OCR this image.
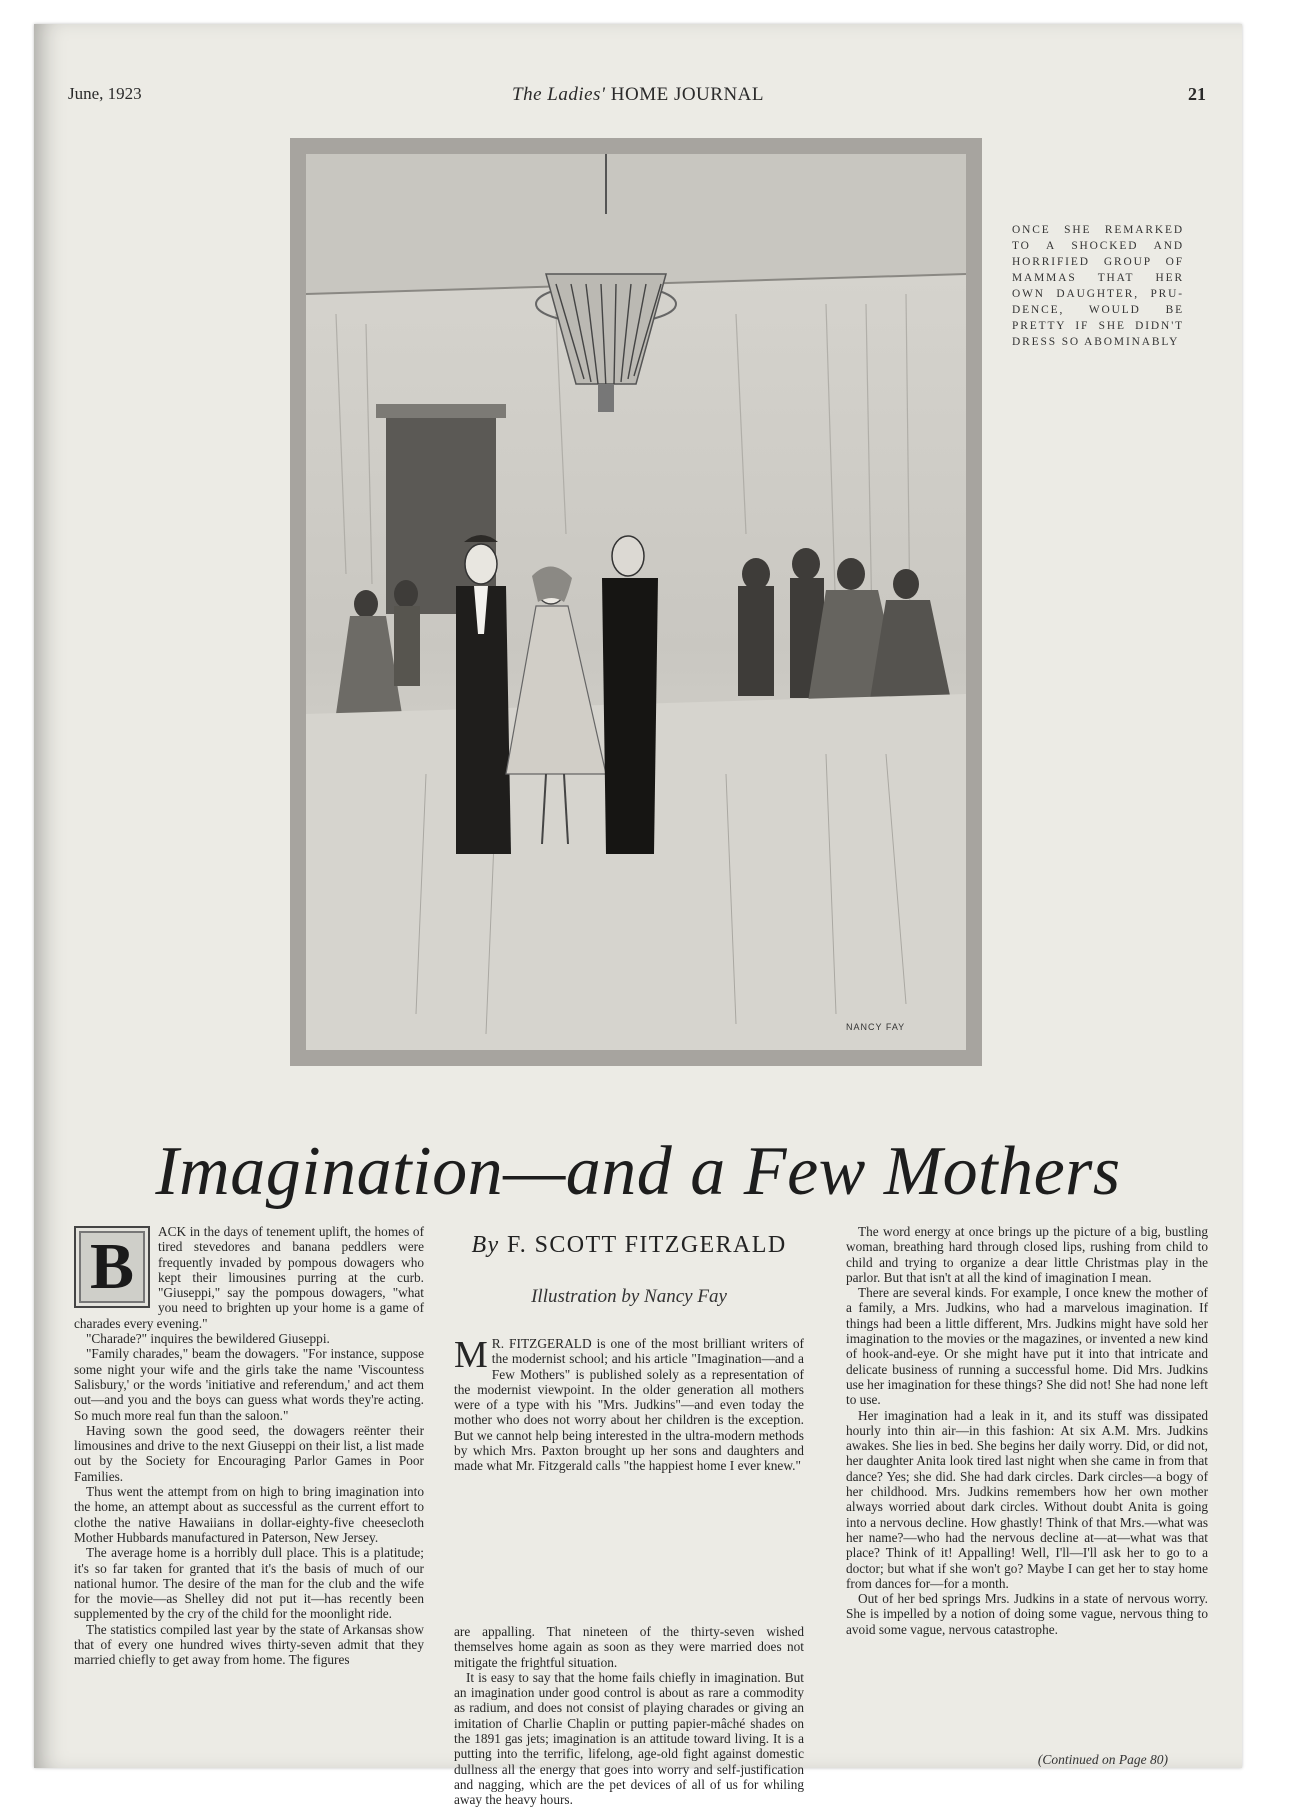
June, 1923	The Ladies' HOME JOURNAL	21
NANCY FAY
ONCE SHE REMARKED TO A SHOCKED AND HORRIFIED GROUP OF MAMMAS THAT HER OWN DAUGHTER, PRU-DENCE, WOULD BE PRETTY IF SHE DIDN'T DRESS SO ABOMINABLY
Imagination—and a Few Mothers
B	ACK in the days of tenement uplift, the homes of tired stevedores and banana peddlers were frequently invaded by pompous dowagers who kept their limousines purring at the curb. "Giuseppi," say the pompous dowagers, "what you need to brighten up your home is a game of charades every evening."

"Charade?" inquires the bewildered Giuseppi.

"Family charades," beam the dowagers. "For instance, suppose some night your wife and the girls take the name 'Viscountess Salisbury,' or the words 'initiative and referendum,' and act them out—and you and the boys can guess what words they're acting. So much more real fun than the saloon."

Having sown the good seed, the dowagers reënter their limousines and drive to the next Giuseppi on their list, a list made out by the Society for Encouraging Parlor Games in Poor Families.

Thus went the attempt from on high to bring imagination into the home, an attempt about as successful as the current effort to clothe the native Hawaiians in dollar-eighty-five cheesecloth Mother Hubbards manufactured in Paterson, New Jersey.

The average home is a horribly dull place. This is a platitude; it's so far taken for granted that it's the basis of much of our national humor. The desire of the man for the club and the wife for the movie—as Shelley did not put it—has recently been supplemented by the cry of the child for the moonlight ride.

The statistics compiled last year by the state of Arkansas show that of every one hundred wives thirty-seven admit that they married chiefly to get away from home. The figures

By F. SCOTT FITZGERALD
Illustration by Nancy Fay
M R. FITZGERALD is one of the most brilliant writers of the modernist school; and his article "Imagination—and a Few Mothers" is published solely as a representation of the modernist viewpoint. In the older generation all mothers were of a type with his "Mrs. Judkins"—and even today the mother who does not worry about her children is the exception. But we cannot help being interested in the ultra-modern methods by which Mrs. Paxton brought up her sons and daughters and made what Mr. Fitzgerald calls "the happiest home I ever knew."

are appalling. That nineteen of the thirty-seven wished themselves home again as soon as they were married does not mitigate the frightful situation.

It is easy to say that the home fails chiefly in imagination. But an imagination under good control is about as rare a commodity as radium, and does not consist of playing charades or giving an imitation of Charlie Chaplin or putting papier-mâché shades on the 1891 gas jets; imagination is an attitude toward living. It is a putting into the terrific, lifelong, age-old fight against domestic dullness all the energy that goes into worry and self-justification and nagging, which are the pet devices of all of us for whiling away the heavy hours.

The word energy at once brings up the picture of a big, bustling woman, breathing hard through closed lips, rushing from child to child and trying to organize a dear little Christmas play in the parlor. But that isn't at all the kind of imagination I mean.

There are several kinds. For example, I once knew the mother of a family, a Mrs. Judkins, who had a marvelous imagination. If things had been a little different, Mrs. Judkins might have sold her imagination to the movies or the magazines, or invented a new kind of hook-and-eye. Or she might have put it into that intricate and delicate business of running a successful home. Did Mrs. Judkins use her imagination for these things? She did not! She had none left to use.

Her imagination had a leak in it, and its stuff was dissipated hourly into thin air—in this fashion: At six A.M. Mrs. Judkins awakes. She lies in bed. She begins her daily worry. Did, or did not, her daughter Anita look tired last night when she came in from that dance? Yes; she did. She had dark circles. Dark circles—a bogy of her childhood. Mrs. Judkins remembers how her own mother always worried about dark circles. Without doubt Anita is going into a nervous decline. How ghastly! Think of that Mrs.—what was her name?—who had the nervous decline at—at—what was that place? Think of it! Appalling! Well, I'll—I'll ask her to go to a doctor; but what if she won't go? Maybe I can get her to stay home from dances for—for a month.

Out of her bed springs Mrs. Judkins in a state of nervous worry. She is impelled by a notion of doing some vague, nervous thing to avoid some vague, nervous catastrophe.

(Continued on Page 80)
